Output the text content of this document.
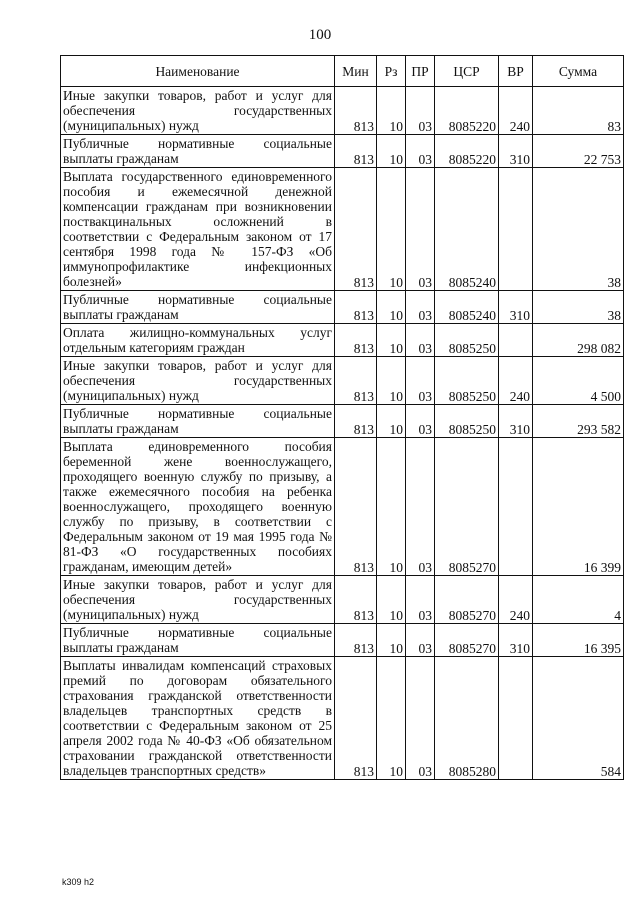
100
Наименование	Мин	Рз	ПР	ЦСР	ВР	Сумма
Иные закупки товаров, работ и услуг для обеспечения государственных (муниципальных) нужд	813	10	03	8085220	240	83
Публичные нормативные социальные выплаты гражданам	813	10	03	8085220	310	22 753
Выплата государственного единовременного пособия и ежемесячной денежной компенсации гражданам при возникновении поствакцинальных осложнений в соответствии с Федеральным законом от 17 сентября 1998 года № 157-ФЗ «Об иммунопрофилактике инфекционных болезней»	813	10	03	8085240		38
Публичные нормативные социальные выплаты гражданам	813	10	03	8085240	310	38
Оплата жилищно-коммунальных услуг отдельным категориям граждан	813	10	03	8085250		298 082
Иные закупки товаров, работ и услуг для обеспечения государственных (муниципальных) нужд	813	10	03	8085250	240	4 500
Публичные нормативные социальные выплаты гражданам	813	10	03	8085250	310	293 582
Выплата единовременного пособия беременной жене военнослужащего, проходящего военную службу по призыву, а также ежемесячного пособия на ребенка военнослужащего, проходящего военную службу по призыву, в соответствии с Федеральным законом от 19 мая 1995 года № 81-ФЗ «О государственных пособиях гражданам, имеющим детей»	813	10	03	8085270		16 399
Иные закупки товаров, работ и услуг для обеспечения государственных (муниципальных) нужд	813	10	03	8085270	240	4
Публичные нормативные социальные выплаты гражданам	813	10	03	8085270	310	16 395
Выплаты инвалидам компенсаций страховых премий по договорам обязательного страхования гражданской ответственности владельцев транспортных средств в соответствии с Федеральным законом от 25 апреля 2002 года № 40-ФЗ «Об обязательном страховании гражданской ответственности владельцев транспортных средств»	813	10	03	8085280		584
k309 h2
